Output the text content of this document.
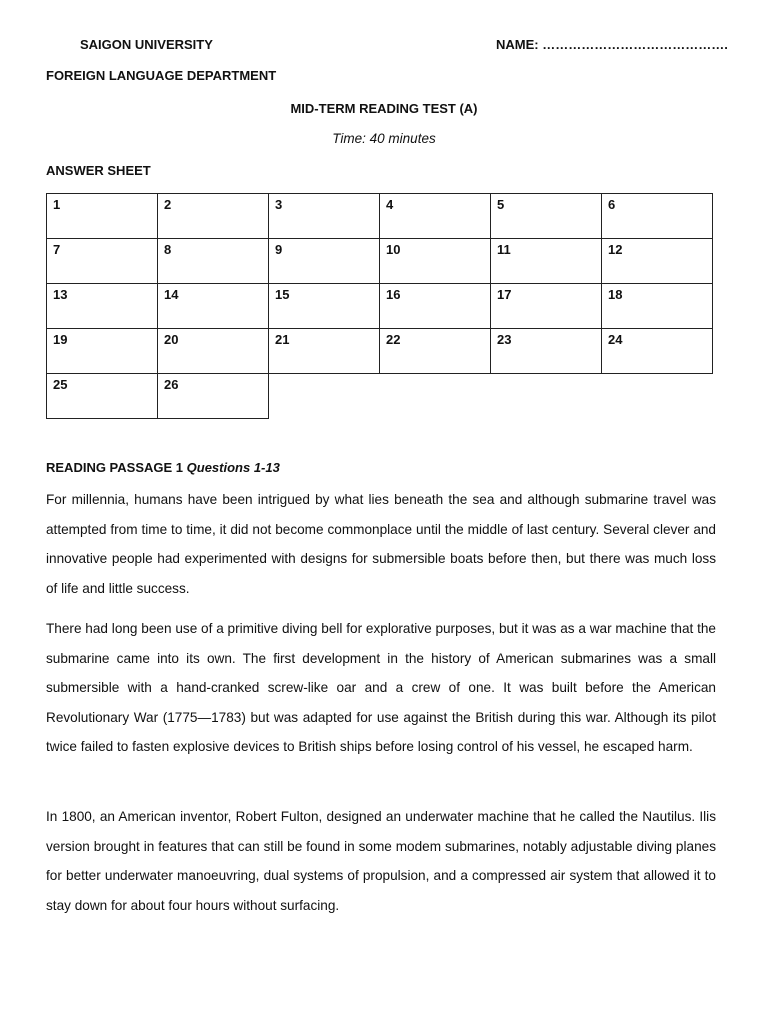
SAIGON UNIVERSITY	NAME: …………………………………….
FOREIGN LANGUAGE DEPARTMENT
MID-TERM READING TEST (A)
Time: 40 minutes
ANSWER SHEET
1	2	3	4	5	6
7	8	9	10	11	12
13	14	15	16	17	18
19	20	21	22	23	24
25	26				
READING PASSAGE 1 Questions 1-13

For millennia, humans have been intrigued by what lies beneath the sea and although submarine travel was attempted from time to time, it did not become commonplace until the middle of last century. Several clever and innovative people had experimented with designs for submersible boats before then, but there was much loss of life and little success.

There had long been use of a primitive diving bell for explorative purposes, but it was as a war machine that the submarine came into its own. The first development in the history of American submarines was a small submersible with a hand-cranked screw-like oar and a crew of one. It was built before the American Revolutionary War (1775—1783) but was adapted for use against the British during this war. Although its pilot twice failed to fasten explosive devices to British ships before losing control of his vessel, he escaped harm.

In 1800, an American inventor, Robert Fulton, designed an underwater machine that he called the Nautilus. Ilis version brought in features that can still be found in some modem submarines, notably adjustable diving planes for better underwater manoeuvring, dual systems of propulsion, and a compressed air system that allowed it to stay down for about four hours without surfacing.
